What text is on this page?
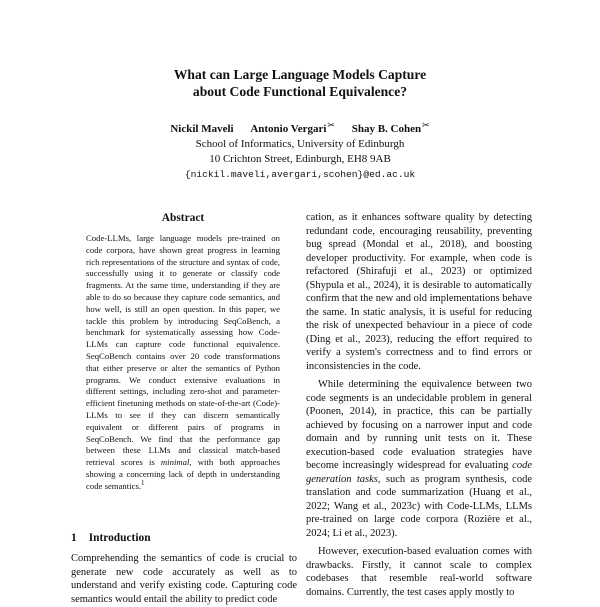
What can Large Language Models Capture
about Code Functional Equivalence?
Nickil Maveli Antonio Vergari✂ Shay B. Cohen✂
School of Informatics, University of Edinburgh
10 Crichton Street, Edinburgh, EH8 9AB
{nickil.maveli,avergari,scohen}@ed.ac.uk
Abstract

Code-LLMs, large language models pre-trained on code corpora, have shown great progress in learning rich representations of the structure and syntax of code, successfully using it to generate or classify code fragments. At the same time, understanding if they are able to do so because they capture code semantics, and how well, is still an open question. In this paper, we tackle this problem by introducing SeqCoBench, a benchmark for systematically assessing how Code-LLMs can capture code functional equivalence. SeqCoBench contains over 20 code transformations that either preserve or alter the semantics of Python programs. We conduct extensive evaluations in different settings, including zero-shot and parameter-efficient finetuning methods on state-of-the-art (Code)-LLMs to see if they can discern semantically equivalent or different pairs of programs in SeqCoBench. We find that the performance gap between these LLMs and classical match-based retrieval scores is minimal, with both approaches showing a concerning lack of depth in understanding code semantics.$^1$

1 Introduction

Comprehending the semantics of code is crucial to generate new code accurately as well as to understand and verify existing code. Capturing code semantics would entail the ability to predict code

cation, as it enhances software quality by detecting redundant code, encouraging reusability, preventing bug spread (Mondal et al., 2018), and boosting developer productivity. For example, when code is refactored (Shirafuji et al., 2023) or optimized (Shypula et al., 2024), it is desirable to automatically confirm that the new and old implementations behave the same. In static analysis, it is useful for reducing the risk of unexpected behaviour in a piece of code (Ding et al., 2023), reducing the effort required to verify a system's correctness and to find errors or inconsistencies in the code.

While determining the equivalence between two code segments is an undecidable problem in general (Poonen, 2014), in practice, this can be partially achieved by focusing on a narrower input and code domain and by running unit tests on it. These execution-based code evaluation strategies have become increasingly widespread for evaluating code generation tasks, such as program synthesis, code translation and code summarization (Huang et al., 2022; Wang et al., 2023c) with Code-LLMs, LLMs pre-trained on large code corpora (Rozière et al., 2024; Li et al., 2023).

However, execution-based evaluation comes with drawbacks. Firstly, it cannot scale to complex codebases that resemble real-world software domains. Currently, the test cases apply mostly to
